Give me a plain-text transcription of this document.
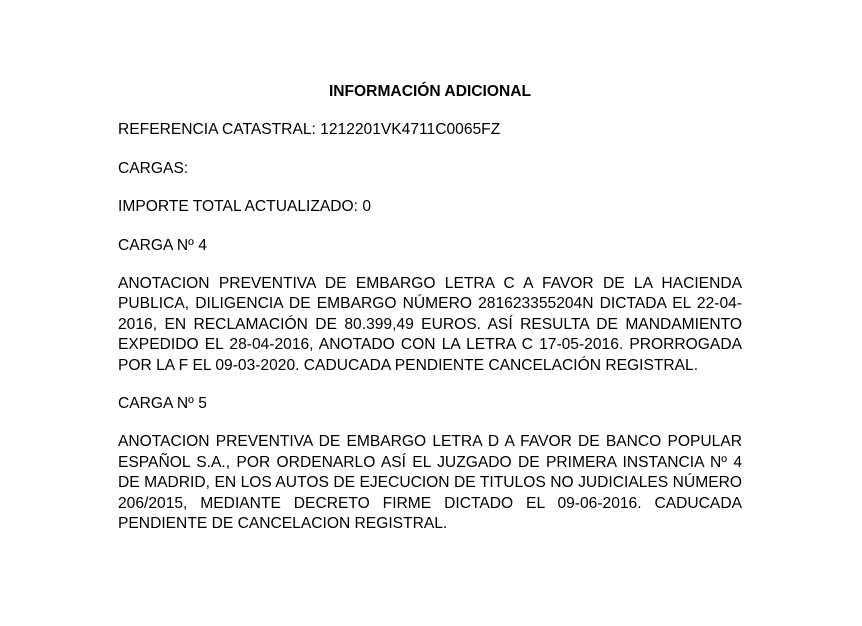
INFORMACIÓN ADICIONAL

REFERENCIA CATASTRAL: 1212201VK4711C0065FZ

CARGAS:

IMPORTE TOTAL ACTUALIZADO: 0

CARGA Nº 4

ANOTACION PREVENTIVA DE EMBARGO LETRA C A FAVOR DE LA HACIENDA PUBLICA, DILIGENCIA DE EMBARGO NÚMERO 281623355204N DICTADA EL 22-04-2016, EN RECLAMACIÓN DE 80.399,49 EUROS. ASÍ RESULTA DE MANDAMIENTO EXPEDIDO EL 28-04-2016, ANOTADO CON LA LETRA C 17-05-2016. PRORROGADA POR LA F EL 09-03-2020. CADUCADA PENDIENTE CANCELACIÓN REGISTRAL.

CARGA Nº 5

ANOTACION PREVENTIVA DE EMBARGO LETRA D A FAVOR DE BANCO POPULAR ESPAÑOL S.A., POR ORDENARLO ASÍ EL JUZGADO DE PRIMERA INSTANCIA Nº 4 DE MADRID, EN LOS AUTOS DE EJECUCION DE TITULOS NO JUDICIALES NÚMERO 206/2015, MEDIANTE DECRETO FIRME DICTADO EL 09-06-2016. CADUCADA PENDIENTE DE CANCELACION REGISTRAL.
